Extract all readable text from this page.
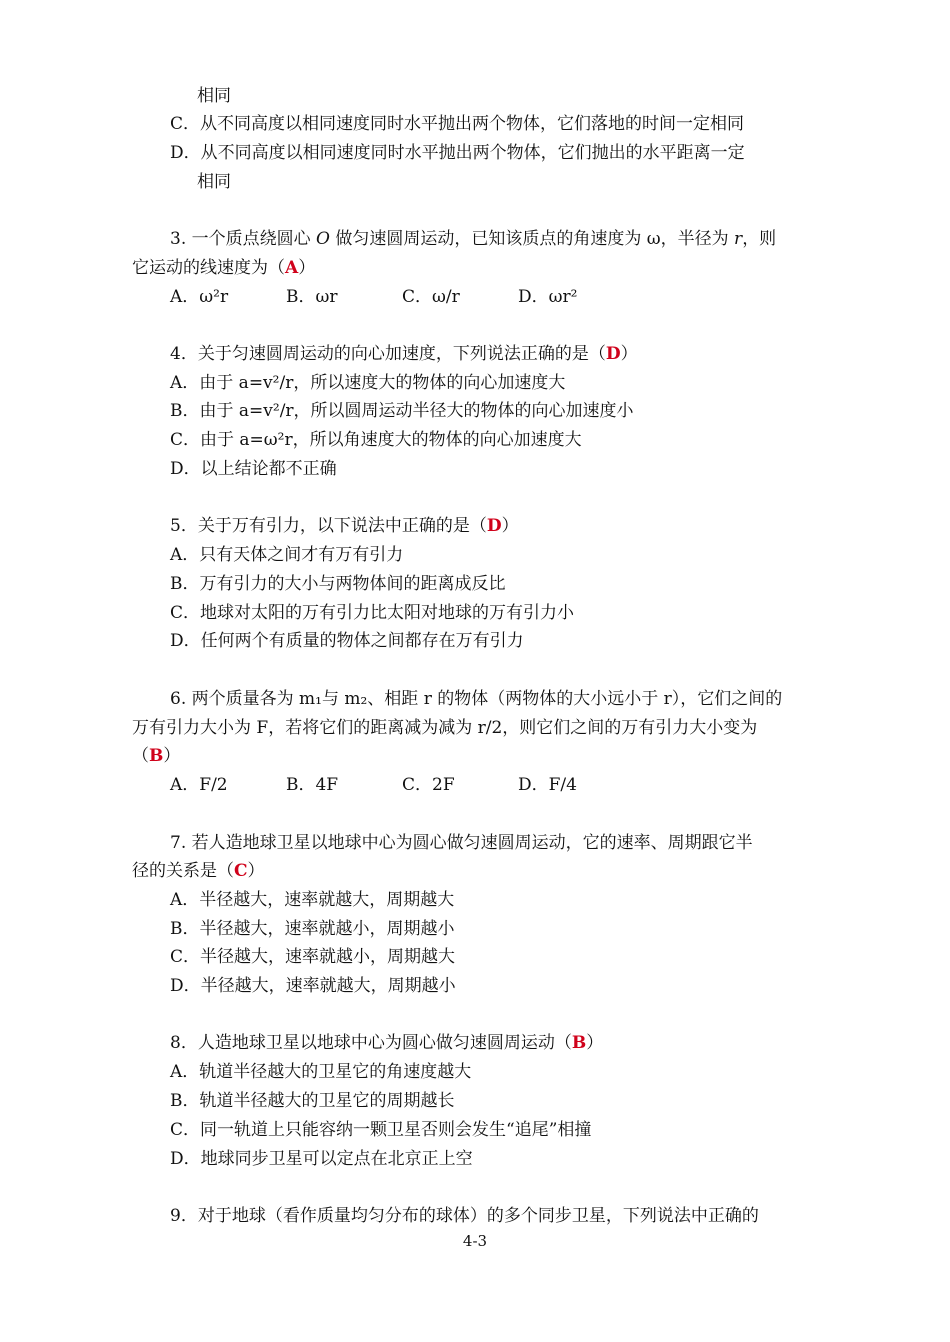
相同
C．从不同高度以相同速度同时水平抛出两个物体，它们落地的时间一定相同
D．从不同高度以相同速度同时水平抛出两个物体，它们抛出的水平距离一定
相同
3. 一个质点绕圆心 O 做匀速圆周运动，已知该质点的角速度为 ω，半径为 r，则
它运动的线速度为（A）
A．ω²r	B．ωr	C．ω/r	D．ωr²
4．关于匀速圆周运动的向心加速度，下列说法正确的是（D）
A．由于 a=v²/r，所以速度大的物体的向心加速度大
B．由于 a=v²/r，所以圆周运动半径大的物体的向心加速度小
C．由于 a=ω²r，所以角速度大的物体的向心加速度大
D．以上结论都不正确
5．关于万有引力，以下说法中正确的是（D）
A．只有天体之间才有万有引力
B．万有引力的大小与两物体间的距离成反比
C．地球对太阳的万有引力比太阳对地球的万有引力小
D．任何两个有质量的物体之间都存在万有引力
6. 两个质量各为 m₁与 m₂、相距 r 的物体（两物体的大小远小于 r），它们之间的
万有引力大小为 F，若将它们的距离减为减为 r/2，则它们之间的万有引力大小变为
（B）
A．F/2	B．4F	C．2F	D．F/4
7. 若人造地球卫星以地球中心为圆心做匀速圆周运动，它的速率、周期跟它半
径的关系是（C）
A．半径越大，速率就越大，周期越大
B．半径越大，速率就越小，周期越小
C．半径越大，速率就越小，周期越大
D．半径越大，速率就越大，周期越小
8．人造地球卫星以地球中心为圆心做匀速圆周运动（B）
A．轨道半径越大的卫星它的角速度越大
B．轨道半径越大的卫星它的周期越长
C．同一轨道上只能容纳一颗卫星否则会发生“追尾”相撞
D．地球同步卫星可以定点在北京正上空
9．对于地球（看作质量均匀分布的球体）的多个同步卫星，下列说法中正确的
4-3
